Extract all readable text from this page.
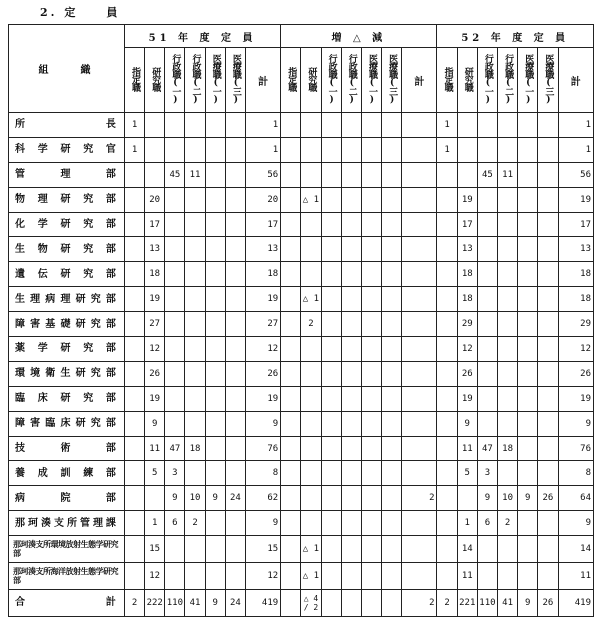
2. 定　　員
組　　織	51 年 度 定 員							増 △ 減							52 年 度 定 員						
	指定職	研究職	行政職(一)	行政職(二)	医療職(一)	医療職(三)	計	指定職	研究職	行政職(一)	行政職(二)	医療職(一)	医療職(三)	計	指定職	研究職	行政職(一)	行政職(二)	医療職(一)	医療職(三)	計
所　　長	1						1								1						1
科学研究官	1						1								1						1
管　理　部			45	11			56										45	11			56
物理研究部		20					20		△ 1							19					19
化学研究部		17					17									17					17
生物研究部		13					13									13					13
遺伝研究部		18					18									18					18
生理病理研究部		19					19		△ 1							18					18
障害基礎研究部		27					27		2							29					29
薬学研究部		12					12									12					12
環境衛生研究部		26					26									26					26
臨床研究部		19					19									19					19
障害臨床研究部		9					9									9					9
技　術　部		11	47	18			76									11	47	18			76
養成訓練部		5	3				8									5	3				8
病　院　部			9	10	9	24	62							2			9	10	9	26	64
那珂湊支所管理課		1	6	2			9									1	6	2			9
那珂湊支所環境放射生態学研究部		15					15		△ 1							14					14
那珂湊支所海洋放射生態学研究部		12					12		△ 1							11					11
合　　計	2	222	110	41	9	24	419		△ 4 / 2					2	2	221	110	41	9	26	419
